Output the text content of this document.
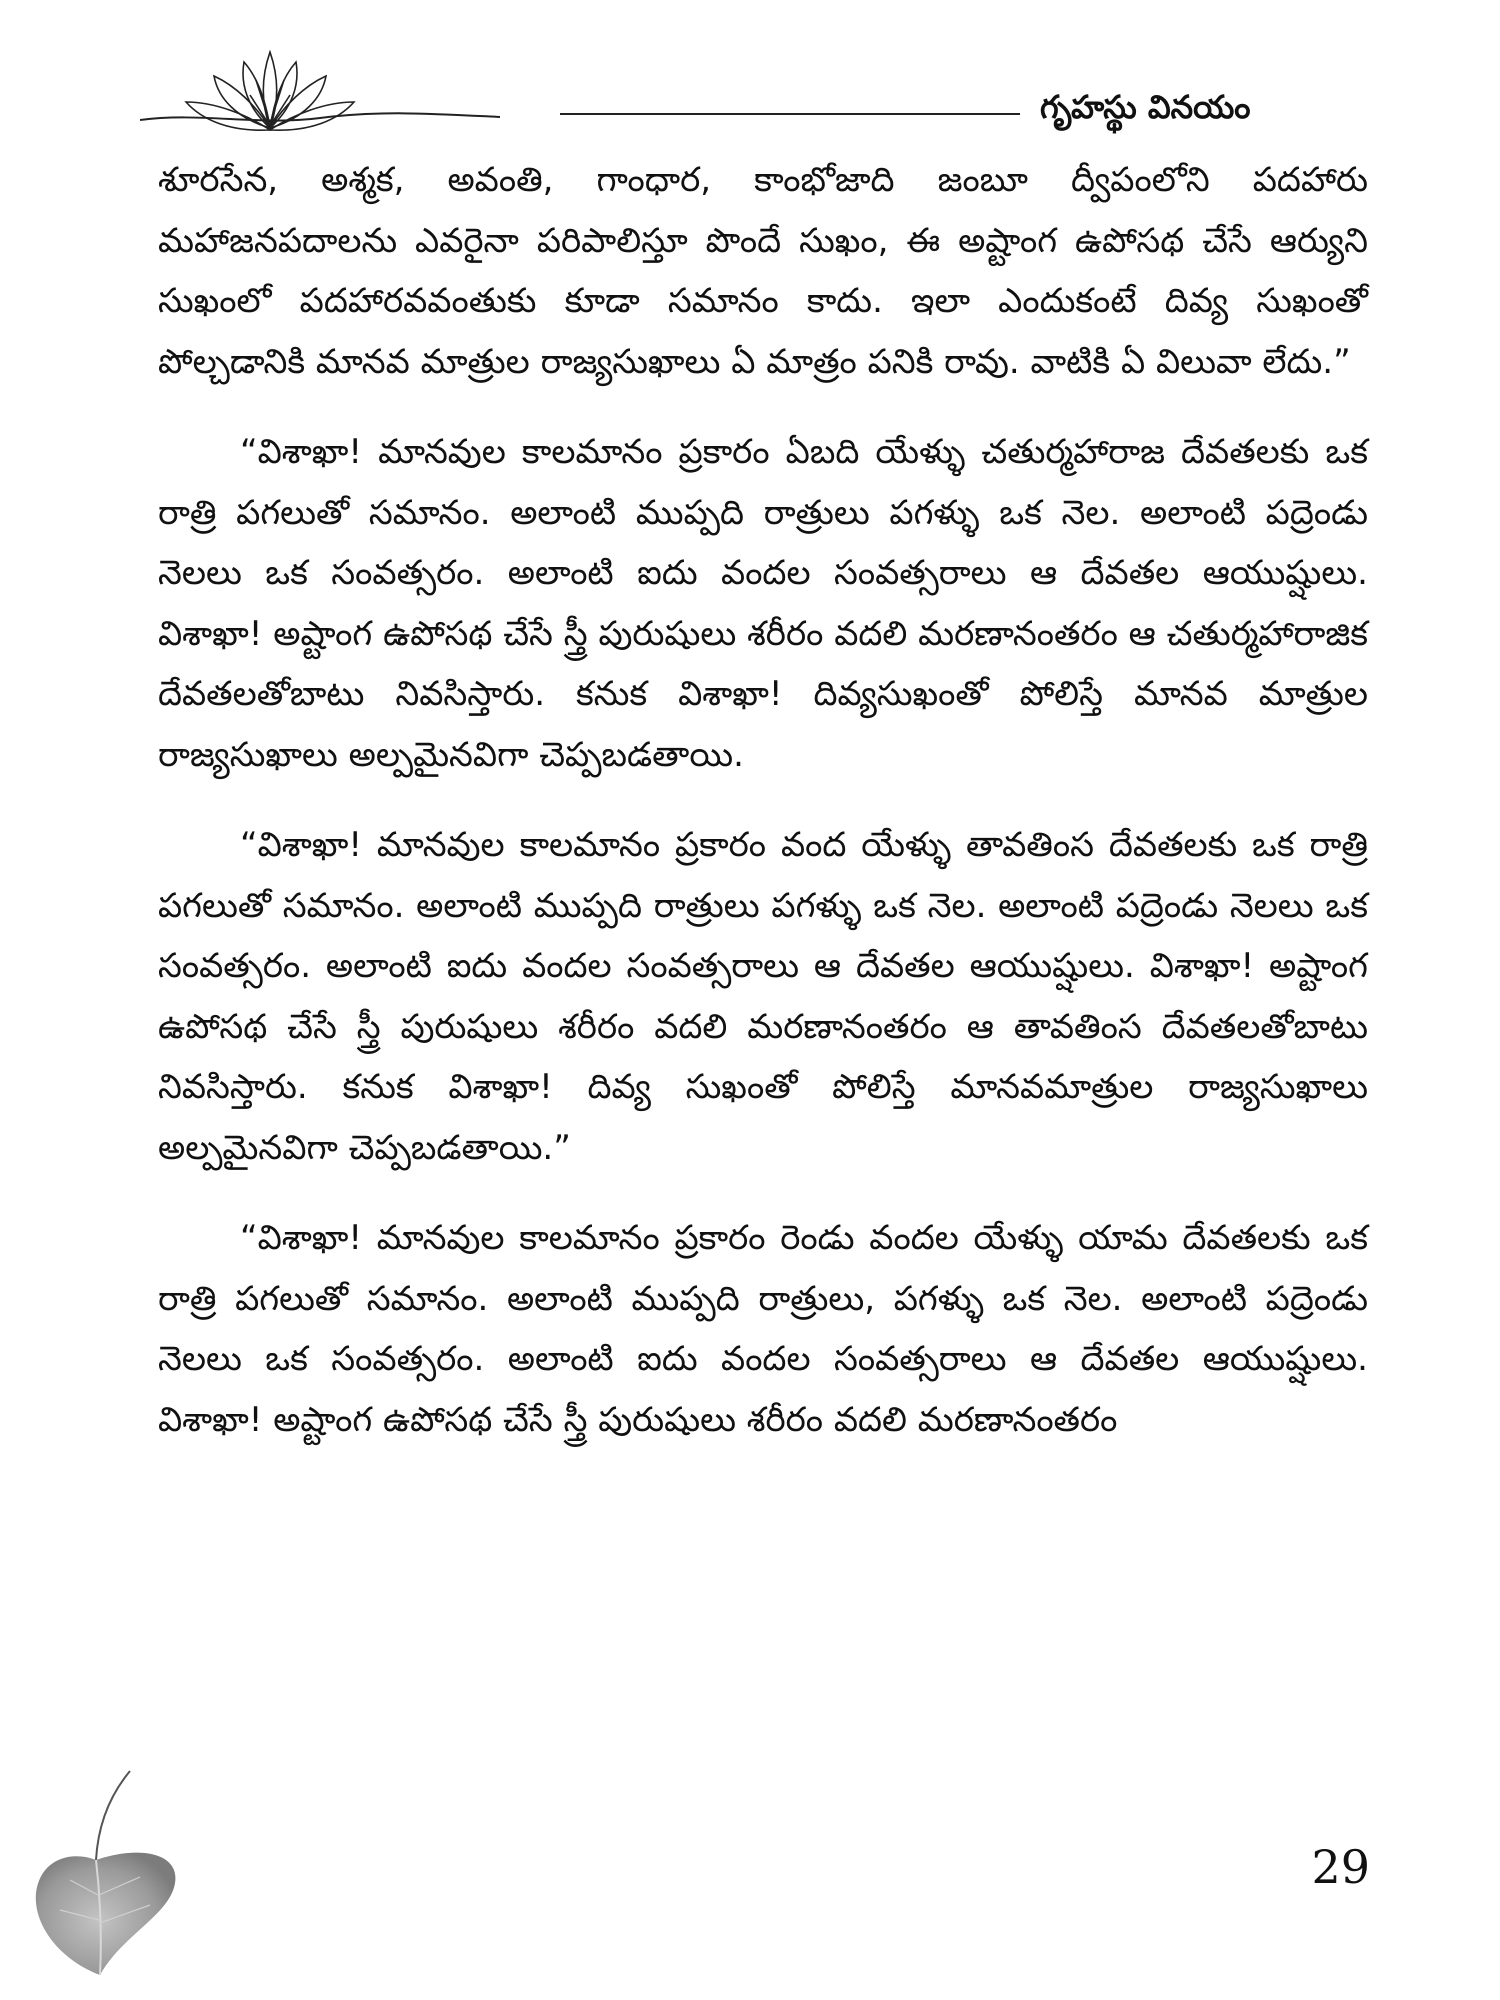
గృహస్థు వినయం

శూరసేన, అశ్మక, అవంతి, గాంధార, కాంభోజాది జంబూ ద్వీపంలోని పదహారు మహాజనపదాలను ఎవరైనా పరిపాలిస్తూ పొందే సుఖం, ఈ అష్టాంగ ఉపోసథ చేసే ఆర్యుని సుఖంలో పదహారవవంతుకు కూడా సమానం కాదు. ఇలా ఎందుకంటే దివ్య సుఖంతో పోల్చడానికి మానవ మాత్రుల రాజ్యసుఖాలు ఏ మాత్రం పనికి రావు. వాటికి ఏ విలువా లేదు.”

“విశాఖా! మానవుల కాలమానం ప్రకారం ఏబది యేళ్ళు చతుర్మహారాజ దేవతలకు ఒక రాత్రి పగలుతో సమానం. అలాంటి ముప్పది రాత్రులు పగళ్ళు ఒక నెల. అలాంటి పద్రెండు నెలలు ఒక సంవత్సరం. అలాంటి ఐదు వందల సంవత్సరాలు ఆ దేవతల ఆయుష్షులు. విశాఖా! అష్టాంగ ఉపోసథ చేసే స్త్రీ పురుషులు శరీరం వదలి మరణానంతరం ఆ చతుర్మహారాజిక దేవతలతోబాటు నివసిస్తారు. కనుక విశాఖా! దివ్యసుఖంతో పోలిస్తే మానవ మాత్రుల రాజ్యసుఖాలు అల్పమైనవిగా చెప్పబడతాయి.

“విశాఖా! మానవుల కాలమానం ప్రకారం వంద యేళ్ళు తావతింస దేవతలకు ఒక రాత్రి పగలుతో సమానం. అలాంటి ముప్పది రాత్రులు పగళ్ళు ఒక నెల. అలాంటి పద్రెండు నెలలు ఒక సంవత్సరం. అలాంటి ఐదు వందల సంవత్సరాలు ఆ దేవతల ఆయుష్షులు. విశాఖా! అష్టాంగ ఉపోసథ చేసే స్త్రీ పురుషులు శరీరం వదలి మరణానంతరం ఆ తావతింస దేవతలతోబాటు నివసిస్తారు. కనుక విశాఖా! దివ్య సుఖంతో పోలిస్తే మానవమాత్రుల రాజ్యసుఖాలు అల్పమైనవిగా చెప్పబడతాయి.”

“విశాఖా! మానవుల కాలమానం ప్రకారం రెండు వందల యేళ్ళు యామ దేవతలకు ఒక రాత్రి పగలుతో సమానం. అలాంటి ముప్పది రాత్రులు, పగళ్ళు ఒక నెల. అలాంటి పద్రెండు నెలలు ఒక సంవత్సరం. అలాంటి ఐదు వందల సంవత్సరాలు ఆ దేవతల ఆయుష్షులు. విశాఖా! అష్టాంగ ఉపోసథ చేసే స్త్రీ పురుషులు శరీరం వదలి మరణానంతరం

29
